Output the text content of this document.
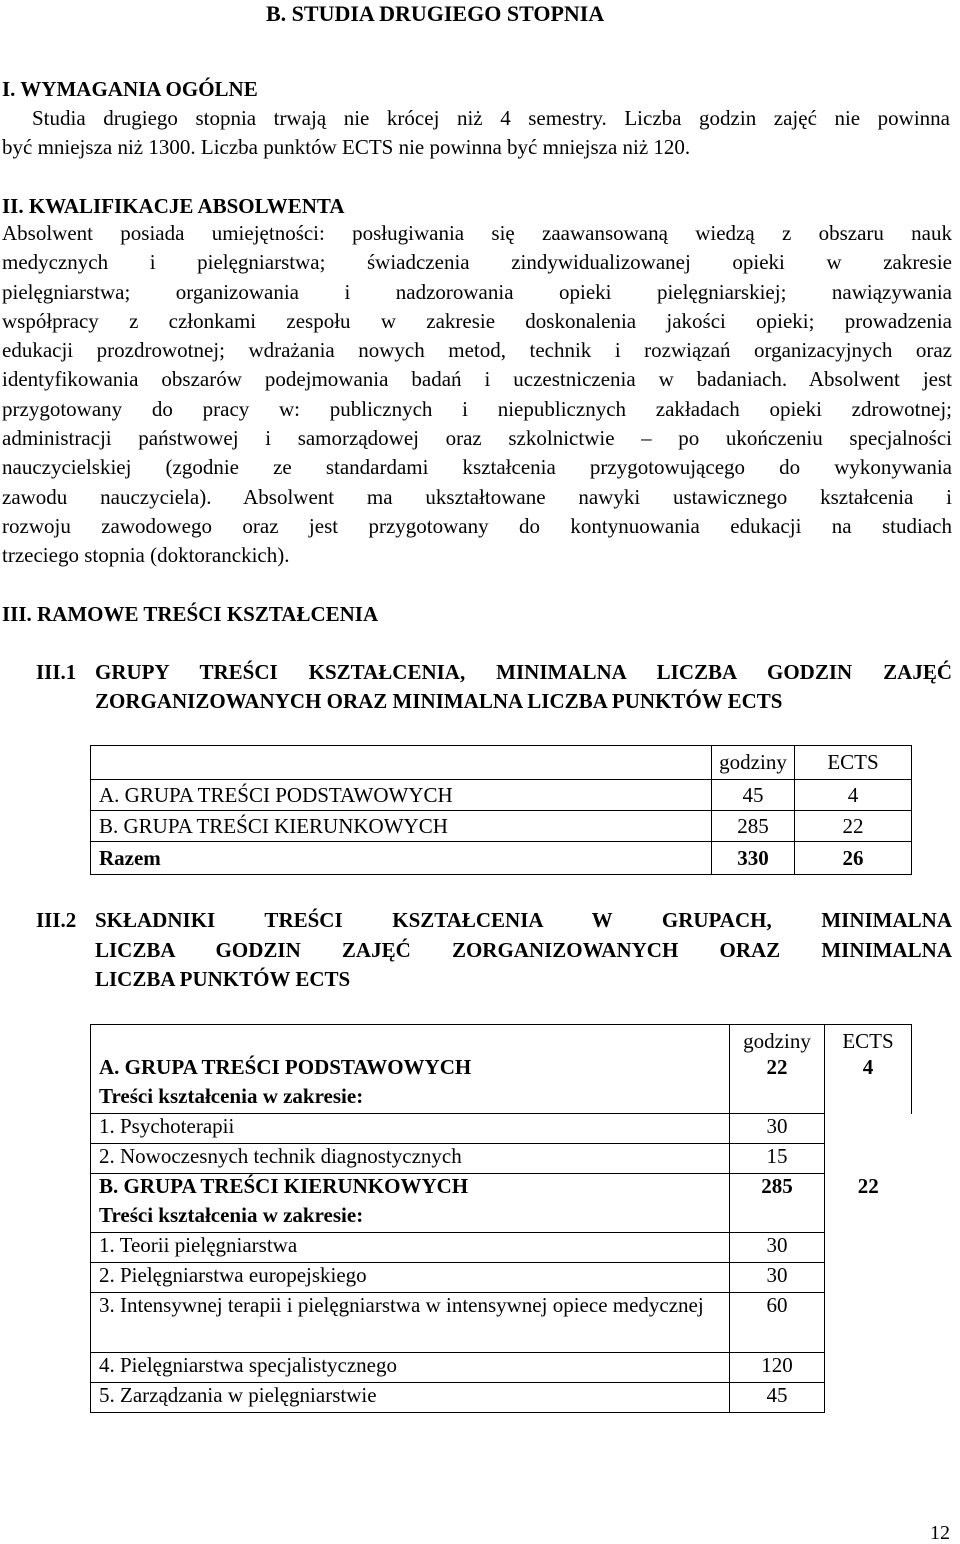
B. STUDIA DRUGIEGO STOPNIA
I. WYMAGANIA OGÓLNE
Studia drugiego stopnia trwają nie krócej niż 4 semestry. Liczba godzin zajęć nie powinna
być mniejsza niż 1300. Liczba punktów ECTS nie powinna być mniejsza niż 120.
II. KWALIFIKACJE ABSOLWENTA
Absolwent posiada umiejętności: posługiwania się zaawansowaną wiedzą z obszaru nauk
medycznych i pielęgniarstwa; świadczenia zindywidualizowanej opieki w zakresie
pielęgniarstwa; organizowania i nadzorowania opieki pielęgniarskiej; nawiązywania
współpracy z członkami zespołu w zakresie doskonalenia jakości opieki; prowadzenia
edukacji prozdrowotnej; wdrażania nowych metod, technik i rozwiązań organizacyjnych oraz
identyfikowania obszarów podejmowania badań i uczestniczenia w badaniach. Absolwent jest
przygotowany do pracy w: publicznych i niepublicznych zakładach opieki zdrowotnej;
administracji państwowej i samorządowej oraz szkolnictwie – po ukończeniu specjalności
nauczycielskiej (zgodnie ze standardami kształcenia przygotowującego do wykonywania
zawodu nauczyciela). Absolwent ma ukształtowane nawyki ustawicznego kształcenia i
rozwoju zawodowego oraz jest przygotowany do kontynuowania edukacji na studiach
trzeciego stopnia (doktoranckich).
III. RAMOWE TREŚCI KSZTAŁCENIA
III.1 GRUPY TREŚCI KSZTAŁCENIA, MINIMALNA LICZBA GODZIN ZAJĘĆ
ZORGANIZOWANYCH ORAZ MINIMALNA LICZBA PUNKTÓW ECTS
	godziny	ECTS
A. GRUPA TREŚCI PODSTAWOWYCH	45	4
B. GRUPA TREŚCI KIERUNKOWYCH	285	22
Razem	330	26
III.2 SKŁADNIKI TREŚCI KSZTAŁCENIA W GRUPACH, MINIMALNA
LICZBA GODZIN ZAJĘĆ ZORGANIZOWANYCH ORAZ MINIMALNA
LICZBA PUNKTÓW ECTS
	godziny	ECTS
A. GRUPA TREŚCI PODSTAWOWYCH	22	4
Treści kształcenia w zakresie:		
1. Psychoterapii	30	
2. Nowoczesnych technik diagnostycznych	15	
B. GRUPA TREŚCI KIERUNKOWYCH	285	22
Treści kształcenia w zakresie:		
1. Teorii pielęgniarstwa	30	
2. Pielęgniarstwa europejskiego	30	
3. Intensywnej terapii i pielęgniarstwa w intensywnej opiece medycznej	60	
4. Pielęgniarstwa specjalistycznego	120	
5. Zarządzania w pielęgniarstwie	45	
12
